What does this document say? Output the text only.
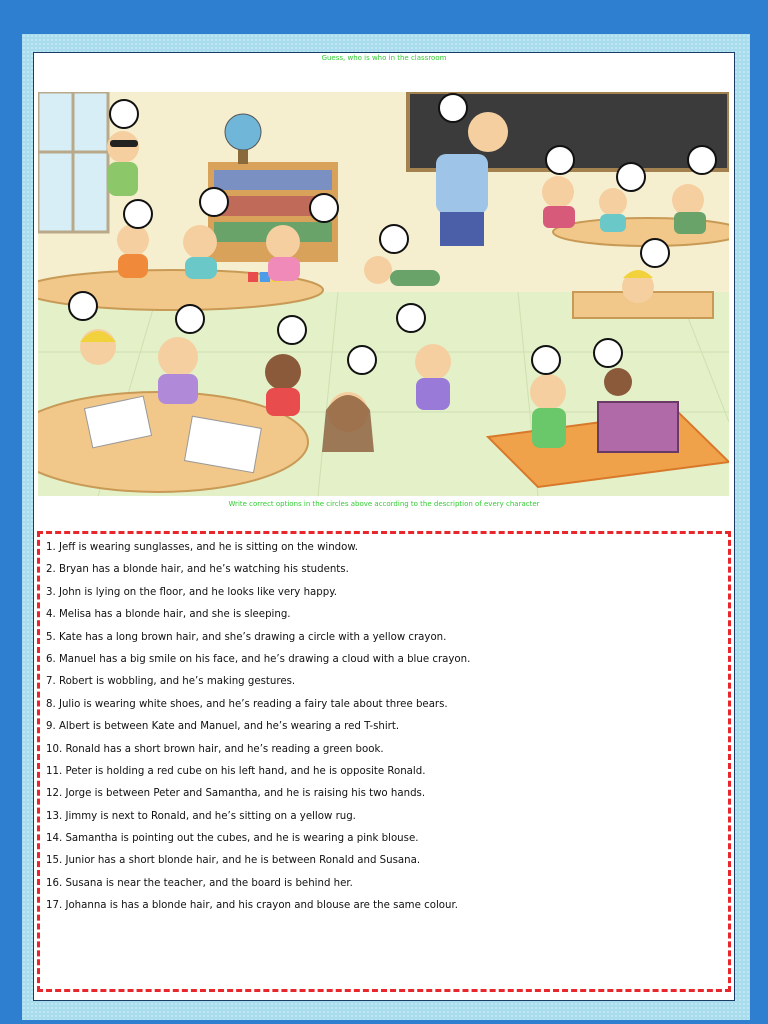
Guess, who is who in the classroom
Write correct options in the circles above according to the description of every character
1. Jeff is wearing sunglasses, and he is sitting on the window.
2. Bryan has a blonde hair, and he’s watching his students.
3. John is lying on the floor, and he looks like very happy.
4. Melisa has a blonde hair, and she is sleeping.
5. Kate has a long brown hair, and she’s drawing a circle with a yellow crayon.
6. Manuel has a big smile on his face, and he’s drawing a cloud with a blue crayon.
7. Robert is wobbling, and he’s making gestures.
8. Julio is wearing white shoes, and he’s reading a fairy tale about three bears.
9. Albert is between Kate and Manuel, and he’s wearing a red T-shirt.
10. Ronald has a short brown hair, and he’s reading a green book.
11. Peter is holding a red cube on his left hand, and he is opposite Ronald.
12. Jorge is between Peter and Samantha, and he is raising his two hands.
13. Jimmy is next to Ronald, and he’s sitting on a yellow rug.
14. Samantha is pointing out the cubes, and he is wearing a pink blouse.
15. Junior has a short blonde hair, and he is between Ronald and Susana.
16. Susana is near the teacher, and the board is behind her.
17. Johanna is has a blonde hair, and his crayon and blouse are the same colour.
